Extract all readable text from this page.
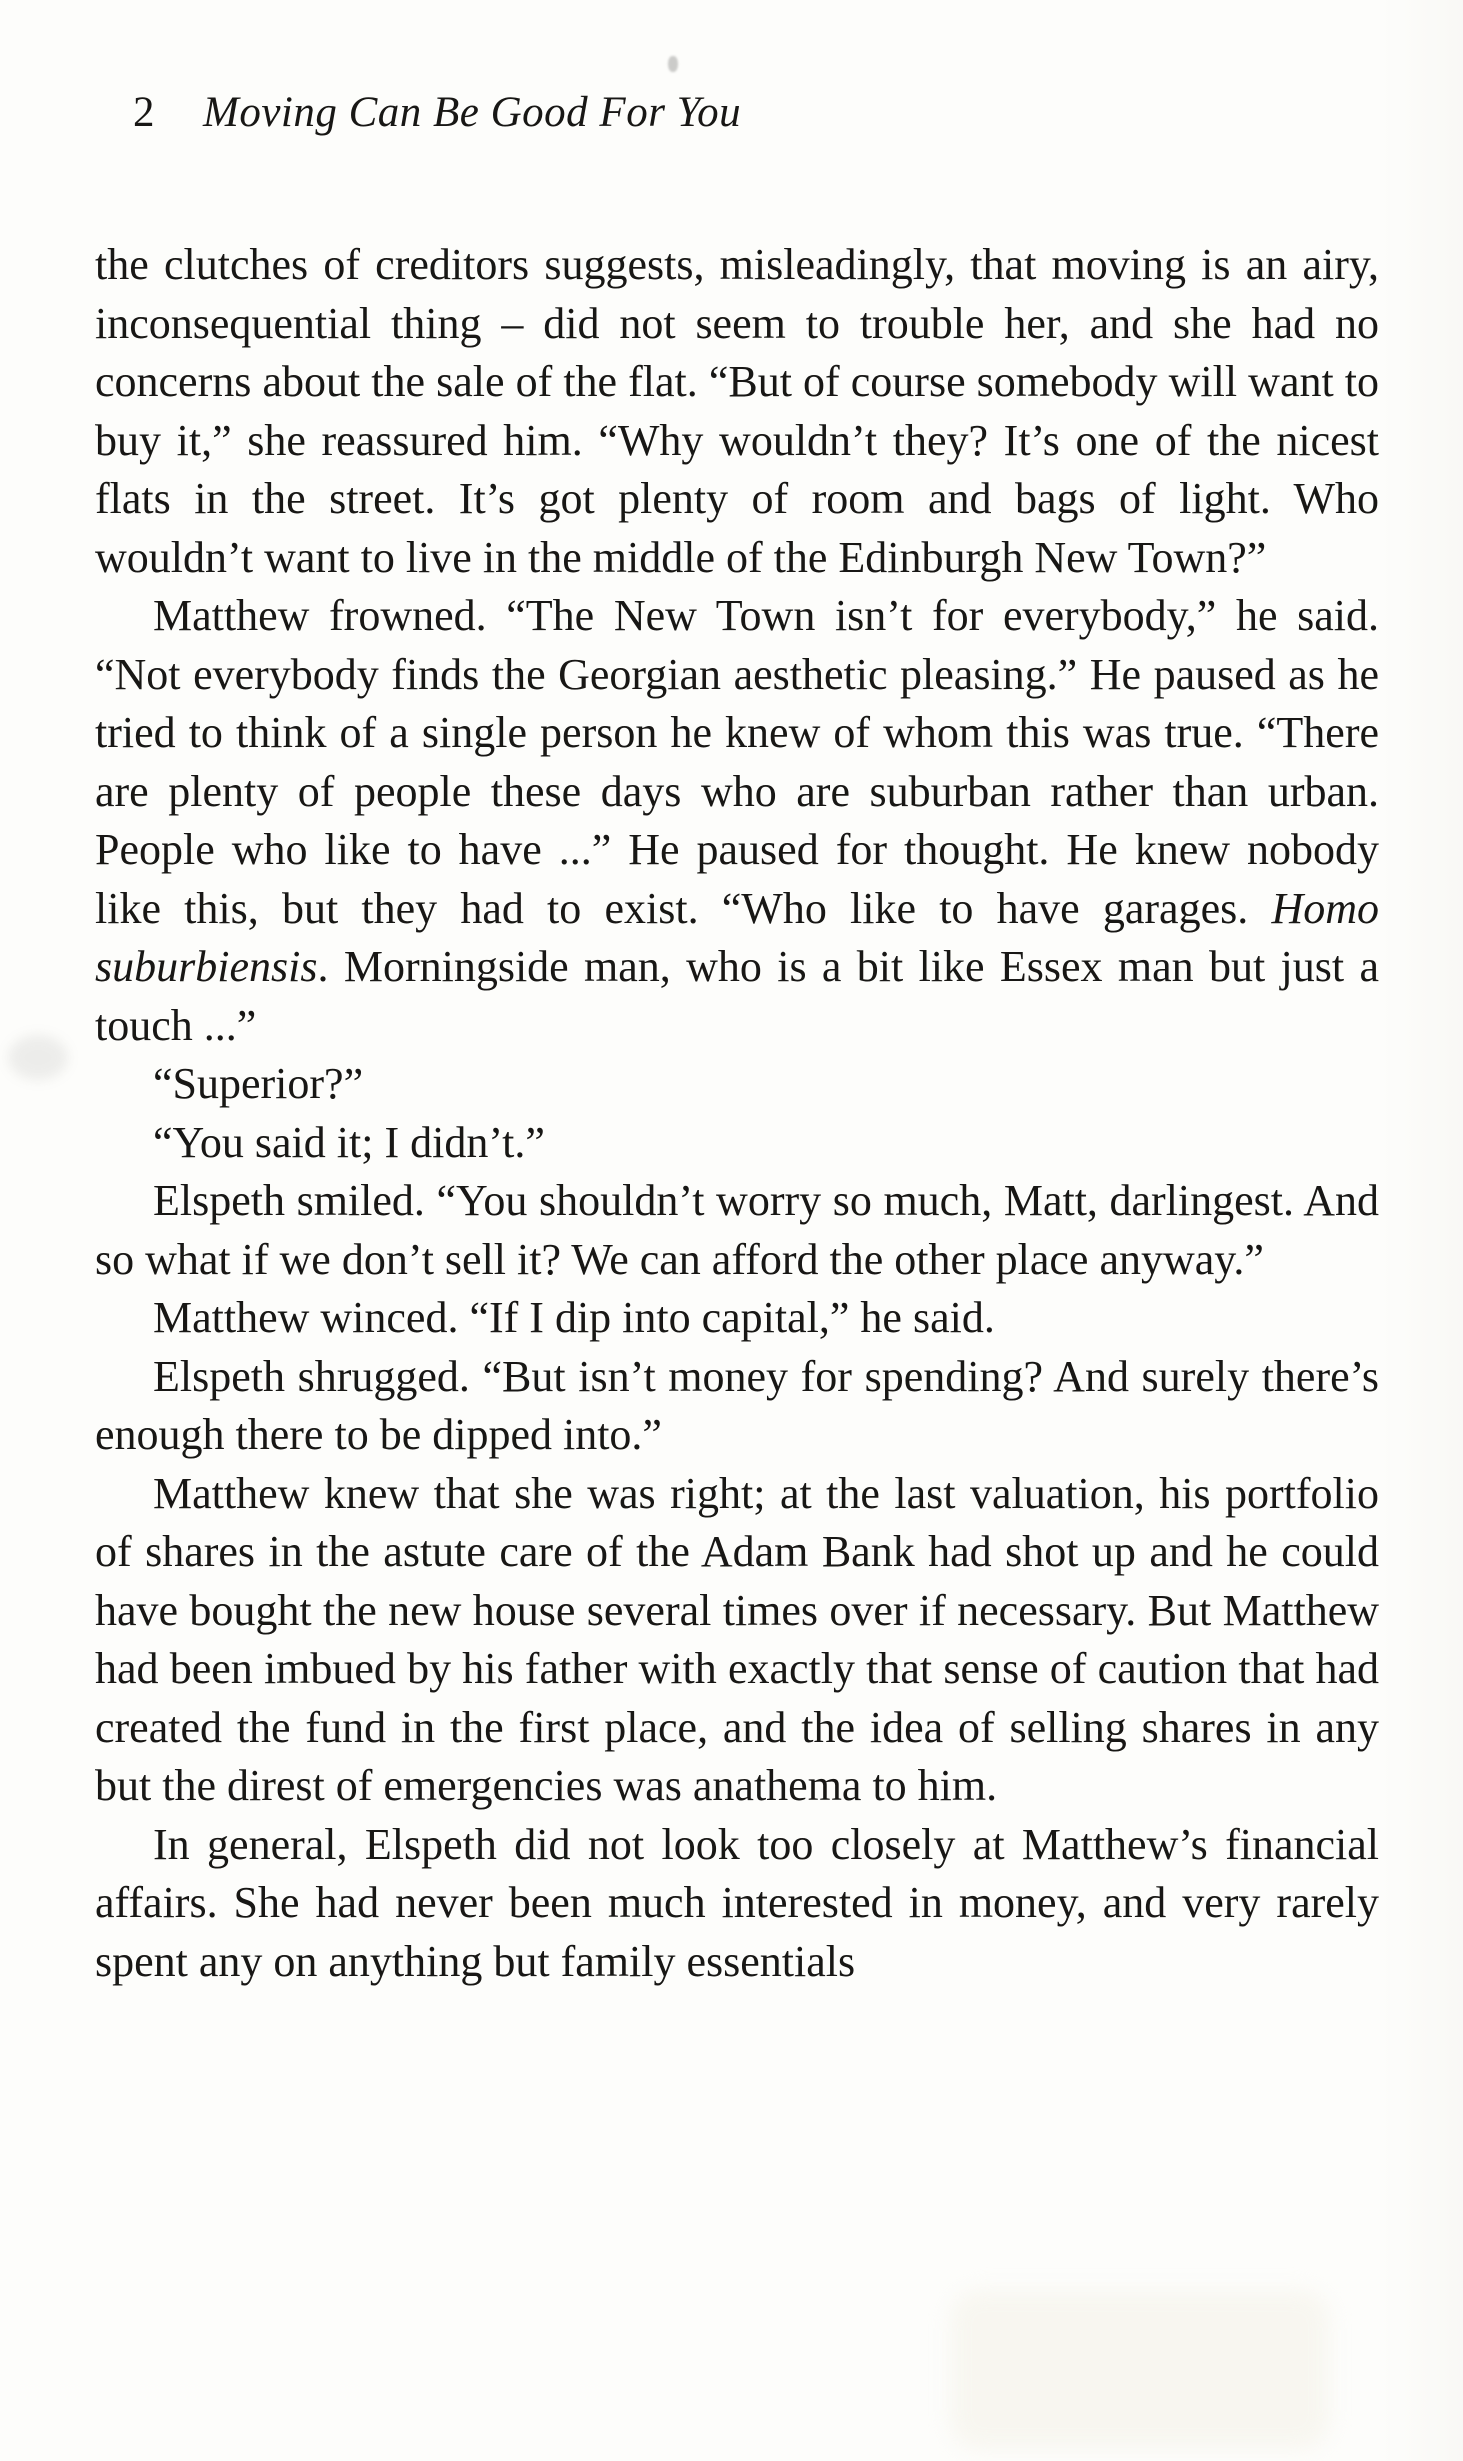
2 Moving Can Be Good For You

the clutches of creditors suggests, misleadingly, that moving is an airy, inconsequential thing – did not seem to trouble her, and she had no concerns about the sale of the flat. “But of course somebody will want to buy it,” she reassured him. “Why wouldn’t they? It’s one of the nicest flats in the street. It’s got plenty of room and bags of light. Who wouldn’t want to live in the middle of the Edinburgh New Town?”

Matthew frowned. “The New Town isn’t for everybody,” he said. “Not everybody finds the Georgian aesthetic pleasing.” He paused as he tried to think of a single person he knew of whom this was true. “There are plenty of people these days who are suburban rather than urban. People who like to have ...” He paused for thought. He knew nobody like this, but they had to exist. “Who like to have garages. Homo suburbiensis. Morningside man, who is a bit like Essex man but just a touch ...”

“Superior?”

“You said it; I didn’t.”

Elspeth smiled. “You shouldn’t worry so much, Matt, darlingest. And so what if we don’t sell it? We can afford the other place anyway.”

Matthew winced. “If I dip into capital,” he said.

Elspeth shrugged. “But isn’t money for spending? And surely there’s enough there to be dipped into.”

Matthew knew that she was right; at the last valuation, his portfolio of shares in the astute care of the Adam Bank had shot up and he could have bought the new house several times over if necessary. But Matthew had been imbued by his father with exactly that sense of caution that had created the fund in the first place, and the idea of selling shares in any but the direst of emergencies was anathema to him.

In general, Elspeth did not look too closely at Matthew’s financial affairs. She had never been much interested in money, and very rarely spent any on anything but family essentials
